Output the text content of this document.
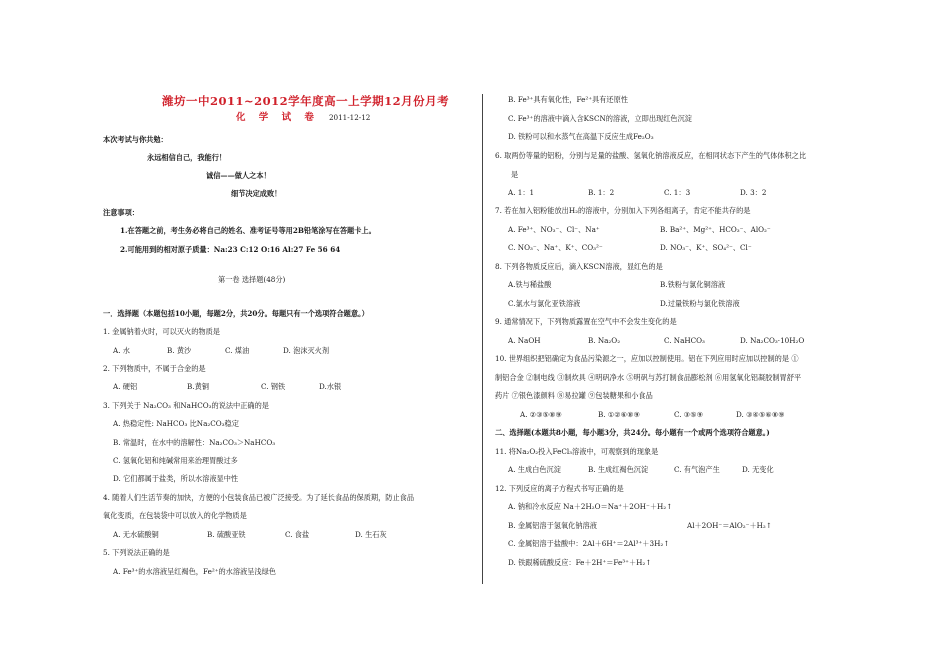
潍坊一中2011~2012学年度高一上学期12月份月考
化 学 试 卷 2011-12-12
本次考试与你共勉：
永远相信自己，我能行！
诚信——做人之本！
细节决定成败！
注意事项：
1.在答题之前，考生务必将自己的姓名、准考证号等用2B铅笔涂写在答题卡上。
2.可能用到的相对原子质量：Na:23 C:12 O:16 Al:27 Fe 56 64
第一卷 选择题(48分)
一．选择题（本题包括10小题，每题2分，共20分。每题只有一个选项符合题意。）
1. 金属钠着火时，可以灭火的物质是
A. 水	B. 黄沙	C. 煤油	D. 泡沫灭火剂
2. 下列物质中，不属于合金的是
A. 硬铝	B.黄铜	C. 钢铁	D.水银
3. 下列关于 Na₂CO₃ 和NaHCO₃的说法中正确的是
A. 热稳定性: NaHCO₃ 比Na₂CO₃稳定
B. 常温时，在水中的溶解性：Na₂CO₃＞NaHCO₃
C. 氢氧化铝和纯碱常用来治理胃酸过多
D. 它们都属于盐类，所以水溶液显中性
4. 随着人们生活节奏的加快，方便的小包装食品已被广泛接受。为了延长食品的保质期，防止食品
氧化变质，在包装袋中可以放入的化学物质是
A. 无水硫酸铜	B. 硫酸亚铁	C. 食盐	D. 生石灰
5. 下列说法正确的是
A. Fe³⁺的水溶液呈红褐色，Fe²⁺的水溶液呈浅绿色
B. Fe³⁺具有氧化性，Fe²⁺具有还原性
C. Fe³⁺的溶液中滴入含KSCN的溶液，立即出现红色沉淀
D. 铁粉可以和水蒸气在高温下反应生成Fe₂O₃
6. 取两份等量的铝粉，分别与足量的盐酸、氢氧化钠溶液反应，在相同状态下产生的气体体积之比
是
A. 1：1	B. 1：2	C. 1：3	D. 3：2
7. 若在加入铝粉能放出H₂的溶液中，分别加入下列各组离子，肯定不能共存的是
A. Fe³⁺、NO₃⁻、Cl⁻、Na⁺	B. Ba²⁺、Mg²⁺、HCO₃⁻、AlO₂⁻
C. NO₃⁻、Na⁺、K⁺、CO₃²⁻	D. NO₃⁻、K⁺、SO₄²⁻、Cl⁻
8. 下列各物质反应后，滴入KSCN溶液，显红色的是
A.铁与稀盐酸	B.铁粉与氯化铜溶液
C.氯水与氯化亚铁溶液	D.过量铁粉与氯化铁溶液
9. 通常情况下，下列物质露置在空气中不会发生变化的是
A. NaOH	B. Na₂O₂	C. NaHCO₃	D. Na₂CO₃·10H₂O
10. 世界组织把铝确定为食品污染源之一，应加以控制使用。铝在下列应用时应加以控制的是 ①
制铝合金 ②制电线 ③制炊具 ④明矾净水 ⑤明矾与苏打制食品膨松剂 ⑥用氢氧化铝凝胶制胃舒平
药片 ⑦银色漆颜料 ⑧易拉罐 ⑨包装糖果和小食品
A. ②③⑤⑧⑨	B. ①②⑥⑧⑨	C. ③⑤⑨	D. ③④⑤⑥⑧⑨
二、选择题(本题共8小题，每小题3分，共24分。每小题有一个或两个选项符合题意。)
11. 将Na₂O₂投入FeCl₃溶液中，可观察到的现象是
A. 生成白色沉淀	B. 生成红褐色沉淀	C. 有气泡产生	D. 无变化
12. 下列反应的离子方程式书写正确的是
A. 钠和冷水反应 Na＋2H₂O＝Na⁺＋2OH⁻＋H₂↑
B. 金属铝溶于氢氧化钠溶液	Al＋2OH⁻＝AlO₂⁻＋H₂↑
C. 金属铝溶于盐酸中：2Al＋6H⁺＝2Al³⁺＋3H₂↑
D. 铁跟稀硫酸反应：Fe＋2H⁺＝Fe³⁺＋H₂↑
